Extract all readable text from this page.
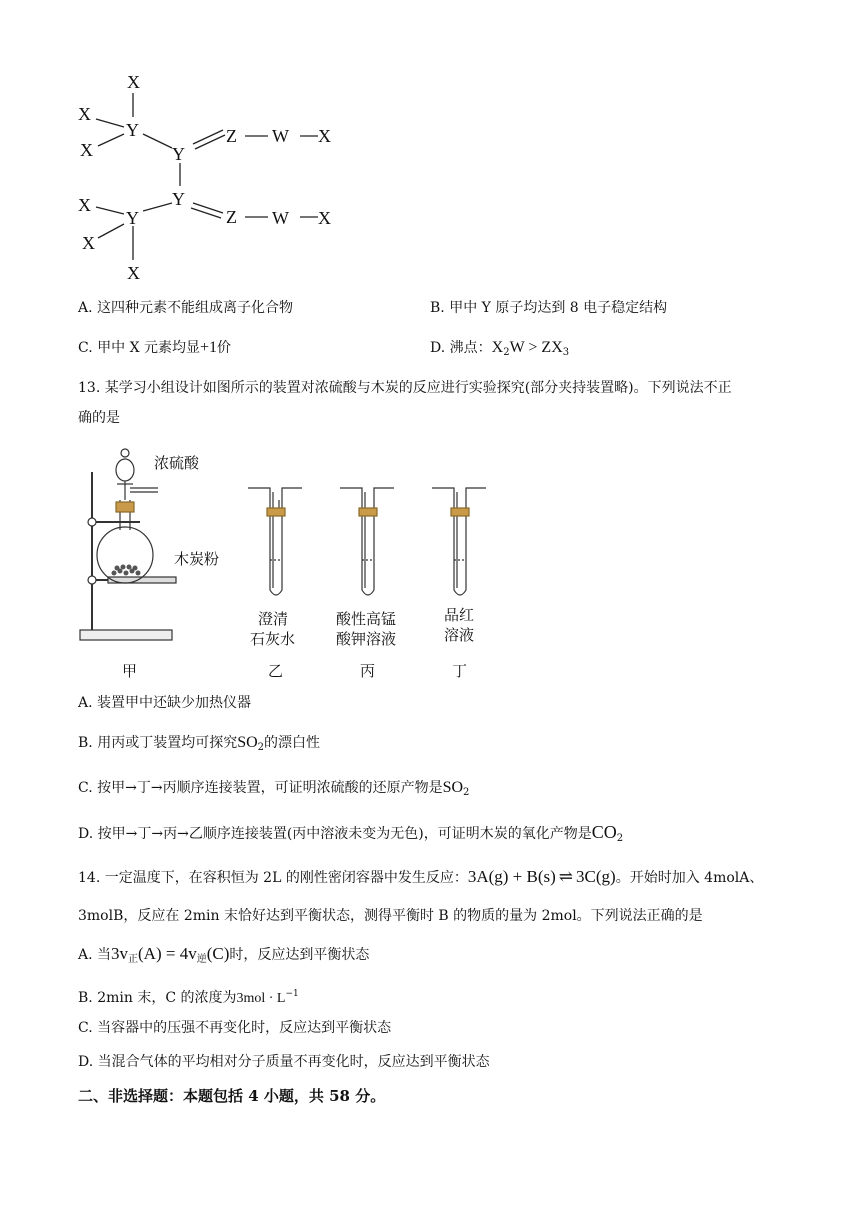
X
X
X
Y
Y
Z W X
Y
Y	Z W X
X
X
X
A. 这四种元素不能组成离子化合物	B. 甲中 Y 原子均达到 8 电子稳定结构
C. 甲中 X 元素均显+1价	D. 沸点：$X_2W > ZX_3$
13. 某学习小组设计如图所示的装置对浓硫酸与木炭的反应进行实验探究(部分夹持装置略)。下列说法不正
确的是
浓硫酸
木炭粉
澄清
石灰水
酸性高锰
酸钾溶液
品红
溶液
甲	乙	丙	丁
A. 装置甲中还缺少加热仪器
B. 用丙或丁装置均可探究$SO_2$的漂白性
C. 按甲→丁→丙顺序连接装置，可证明浓硫酸的还原产物是$SO_2$
D. 按甲→丁→丙→乙顺序连接装置(丙中溶液未变为无色)，可证明木炭的氧化产物是$CO_2$
14. 一定温度下，在容积恒为 2L 的刚性密闭容器中发生反应：3A(g) + B(s) ⇌ 3C(g)。开始时加入 4molA、
3molB，反应在 2min 末恰好达到平衡状态，测得平衡时 B 的物质的量为 2mol。下列说法正确的是
A. 当$3v_正(A) = 4v_逆(C)$时，反应达到平衡状态
B. 2min 末，C 的浓度为$3mol \cdot L^{-1}$
C. 当容器中的压强不再变化时，反应达到平衡状态
D. 当混合气体的平均相对分子质量不再变化时，反应达到平衡状态
二、非选择题：本题包括 4 小题，共 58 分。
